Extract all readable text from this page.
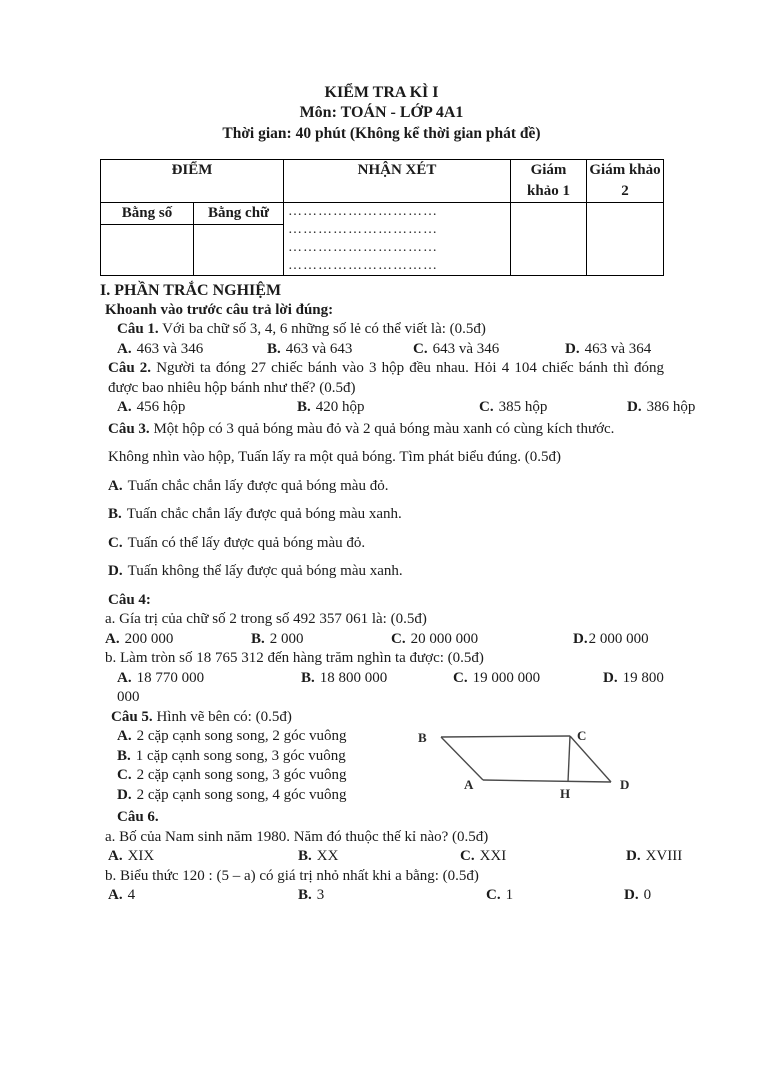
KIỂM TRA KÌ I
Môn: TOÁN - LỚP 4A1
Thời gian: 40 phút (Không kể thời gian phát đề)
ĐIỂM		NHẬN XÉT	Giám khảo 1	Giám khảo 2
Bằng số	Bằng chữ	…………………………
…………………………
…………………………
…………………………		

I. PHẦN TRẮC NGHIỆM

Khoanh vào trước câu trả lời đúng:

Câu 1. Với ba chữ số 3, 4, 6 những số lẻ có thể viết là: (0.5đ)

A. 463 và 346	B. 463 và 643	C. 643 và 346	D. 463 và 364

Câu 2. Người ta đóng 27 chiếc bánh vào 3 hộp đều nhau. Hỏi 4 104 chiếc bánh thì đóng được bao nhiêu hộp bánh như thế? (0.5đ)

A. 456 hộp	B. 420 hộp	C. 385 hộp	D. 386 hộp

Câu 3. Một hộp có 3 quả bóng màu đỏ và 2 quả bóng màu xanh có cùng kích thước.

Không nhìn vào hộp, Tuấn lấy ra một quả bóng. Tìm phát biểu đúng. (0.5đ)

A. Tuấn chắc chắn lấy được quả bóng màu đỏ.

B. Tuấn chắc chắn lấy được quả bóng màu xanh.

C. Tuấn có thể lấy được quả bóng màu đỏ.

D. Tuấn không thể lấy được quả bóng màu xanh.

Câu 4:

a. Gía trị của chữ số 2 trong số 492 357 061 là: (0.5đ)

A. 200 000	B. 2 000	C. 20 000 000	D.2 000 000

b. Làm tròn số 18 765 312 đến hàng trăm nghìn ta được: (0.5đ)

A. 18 770 000	B. 18 800 000	C. 19 000 000	D. 19 800

000

Câu 5. Hình vẽ bên có: (0.5đ)

A. 2 cặp cạnh song song, 2 góc vuông

B. 1 cặp cạnh song song, 3 góc vuông

C. 2 cặp cạnh song song, 3 góc vuông

D. 2 cặp cạnh song song, 4 góc vuông

B	C
A
H
D

Câu 6.

a. Bố của Nam sinh năm 1980. Năm đó thuộc thế kỉ nào? (0.5đ)

A. XIX	B. XX	C. XXI	D. XVIII

b. Biểu thức 120 : (5 – a) có giá trị nhỏ nhất khi a bằng: (0.5đ)

A. 4	B. 3	C. 1	D. 0
